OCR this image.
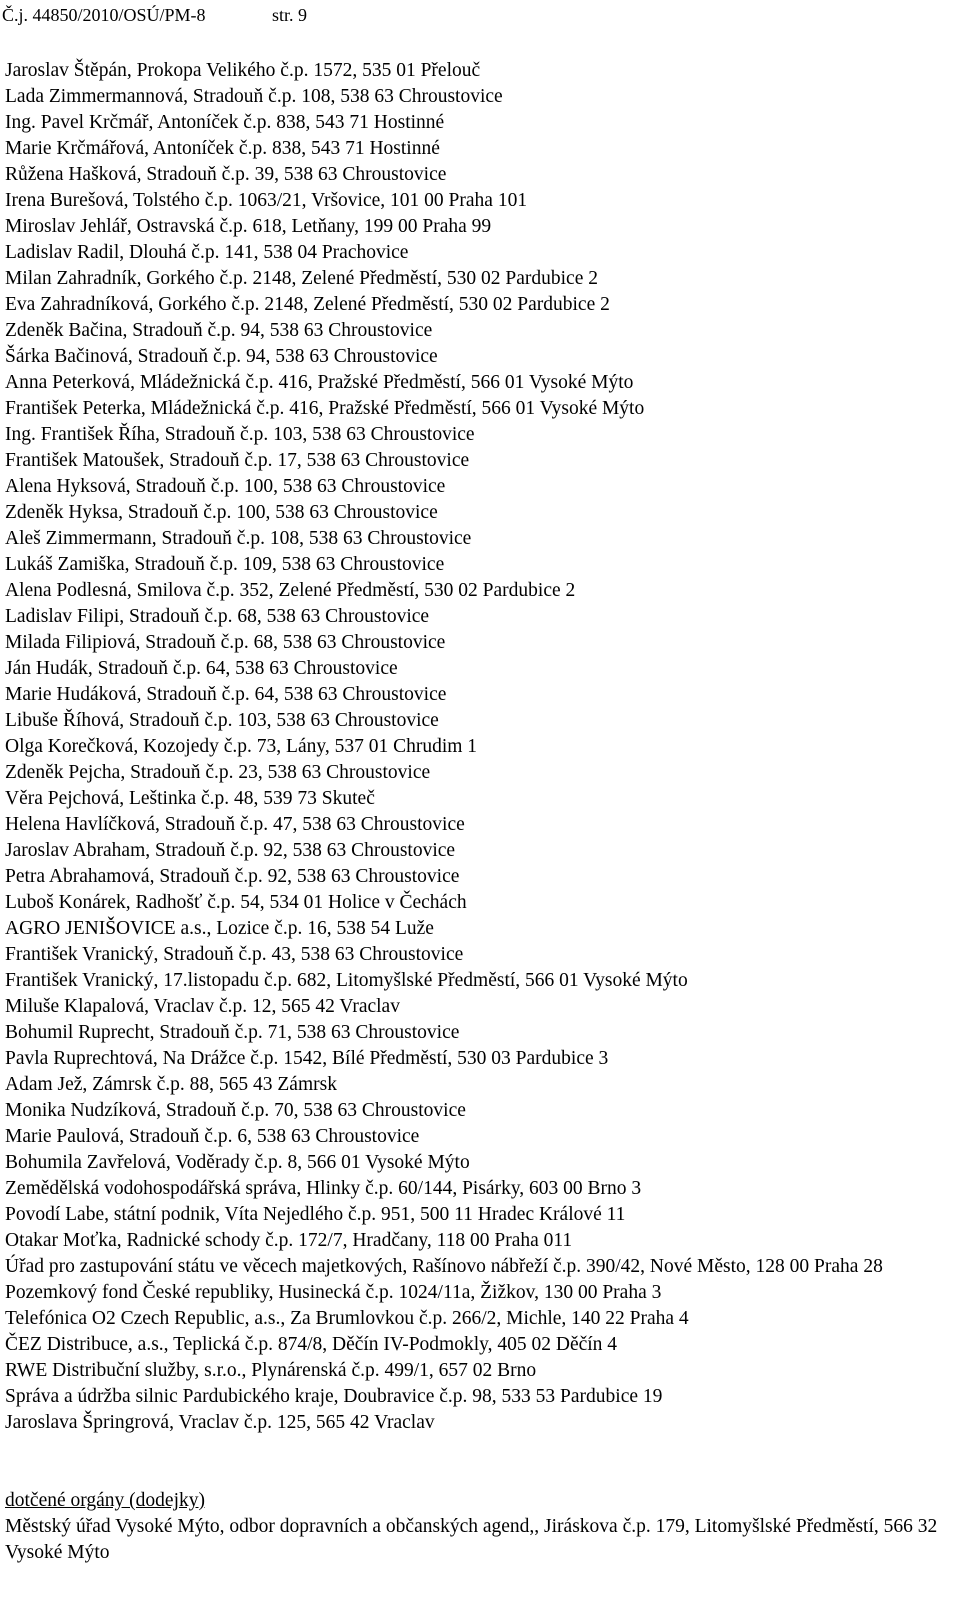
Č.j. 44850/2010/OSÚ/PM-8	str. 9
Jaroslav Štěpán, Prokopa Velikého č.p. 1572, 535 01 Přelouč
Lada Zimmermannová, Stradouň č.p. 108, 538 63 Chroustovice
Ing. Pavel Krčmář, Antoníček č.p. 838, 543 71 Hostinné
Marie Krčmářová, Antoníček č.p. 838, 543 71 Hostinné
Růžena Hašková, Stradouň č.p. 39, 538 63 Chroustovice
Irena Burešová, Tolstého č.p. 1063/21, Vršovice, 101 00 Praha 101
Miroslav Jehlář, Ostravská č.p. 618, Letňany, 199 00 Praha 99
Ladislav Radil, Dlouhá č.p. 141, 538 04 Prachovice
Milan Zahradník, Gorkého č.p. 2148, Zelené Předměstí, 530 02 Pardubice 2
Eva Zahradníková, Gorkého č.p. 2148, Zelené Předměstí, 530 02 Pardubice 2
Zdeněk Bačina, Stradouň č.p. 94, 538 63 Chroustovice
Šárka Bačinová, Stradouň č.p. 94, 538 63 Chroustovice
Anna Peterková, Mládežnická č.p. 416, Pražské Předměstí, 566 01 Vysoké Mýto
František Peterka, Mládežnická č.p. 416, Pražské Předměstí, 566 01 Vysoké Mýto
Ing. František Říha, Stradouň č.p. 103, 538 63 Chroustovice
František Matoušek, Stradouň č.p. 17, 538 63 Chroustovice
Alena Hyksová, Stradouň č.p. 100, 538 63 Chroustovice
Zdeněk Hyksa, Stradouň č.p. 100, 538 63 Chroustovice
Aleš Zimmermann, Stradouň č.p. 108, 538 63 Chroustovice
Lukáš Zamiška, Stradouň č.p. 109, 538 63 Chroustovice
Alena Podlesná, Smilova č.p. 352, Zelené Předměstí, 530 02 Pardubice 2
Ladislav Filipi, Stradouň č.p. 68, 538 63 Chroustovice
Milada Filipiová, Stradouň č.p. 68, 538 63 Chroustovice
Ján Hudák, Stradouň č.p. 64, 538 63 Chroustovice
Marie Hudáková, Stradouň č.p. 64, 538 63 Chroustovice
Libuše Říhová, Stradouň č.p. 103, 538 63 Chroustovice
Olga Korečková, Kozojedy č.p. 73, Lány, 537 01 Chrudim 1
Zdeněk Pejcha, Stradouň č.p. 23, 538 63 Chroustovice
Věra Pejchová, Leštinka č.p. 48, 539 73 Skuteč
Helena Havlíčková, Stradouň č.p. 47, 538 63 Chroustovice
Jaroslav Abraham, Stradouň č.p. 92, 538 63 Chroustovice
Petra Abrahamová, Stradouň č.p. 92, 538 63 Chroustovice
Luboš Konárek, Radhošť č.p. 54, 534 01 Holice v Čechách
AGRO JENIŠOVICE a.s., Lozice č.p. 16, 538 54 Luže
František Vranický, Stradouň č.p. 43, 538 63 Chroustovice
František Vranický, 17.listopadu č.p. 682, Litomyšlské Předměstí, 566 01 Vysoké Mýto
Miluše Klapalová, Vraclav č.p. 12, 565 42 Vraclav
Bohumil Ruprecht, Stradouň č.p. 71, 538 63 Chroustovice
Pavla Ruprechtová, Na Drážce č.p. 1542, Bílé Předměstí, 530 03 Pardubice 3
Adam Jež, Zámrsk č.p. 88, 565 43 Zámrsk
Monika Nudzíková, Stradouň č.p. 70, 538 63 Chroustovice
Marie Paulová, Stradouň č.p. 6, 538 63 Chroustovice
Bohumila Zavřelová, Voděrady č.p. 8, 566 01 Vysoké Mýto
Zemědělská vodohospodářská správa, Hlinky č.p. 60/144, Pisárky, 603 00 Brno 3
Povodí Labe, státní podnik, Víta Nejedlého č.p. 951, 500 11 Hradec Králové 11
Otakar Moťka, Radnické schody č.p. 172/7, Hradčany, 118 00 Praha 011
Úřad pro zastupování státu ve věcech majetkových, Rašínovo nábřeží č.p. 390/42, Nové Město, 128 00 Praha 28
Pozemkový fond České republiky, Husinecká č.p. 1024/11a, Žižkov, 130 00 Praha 3
Telefónica O2 Czech Republic, a.s., Za Brumlovkou č.p. 266/2, Michle, 140 22 Praha 4
ČEZ Distribuce, a.s., Teplická č.p. 874/8, Děčín IV-Podmokly, 405 02 Děčín 4
RWE Distribuční služby, s.r.o., Plynárenská č.p. 499/1, 657 02 Brno
Správa a údržba silnic Pardubického kraje, Doubravice č.p. 98, 533 53 Pardubice 19
Jaroslava Špringrová, Vraclav č.p. 125, 565 42 Vraclav
dotčené orgány (dodejky)
Městský úřad Vysoké Mýto, odbor dopravních a občanských agend,, Jiráskova č.p. 179, Litomyšlské Předměstí, 566 32 Vysoké Mýto
